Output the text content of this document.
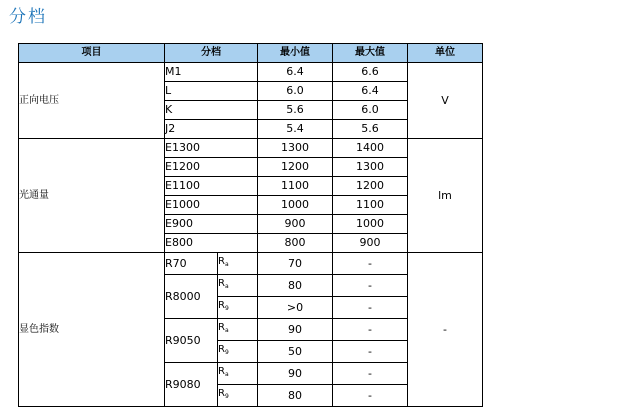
分档
项目	分档		最小值	最大值	单位
正向电压	M1		6.4	6.6	V
	L		6.0	6.4	
	K		5.6	6.0	
	J2		5.4	5.6	
光通量	E1300		1300	1400	lm
	E1200		1200	1300	
	E1100		1100	1200	
	E1000		1000	1100	
	E900		900	1000	
	E800		800	900	
显色指数	R70	$R_a$	70	-	-
	R8000	$R_a$	80	-	
		$R_9$	>0	-	
	R9050	$R_a$	90	-	
		$R_9$	50	-	
	R9080	$R_a$	90	-	
		$R_9$	80	-	
